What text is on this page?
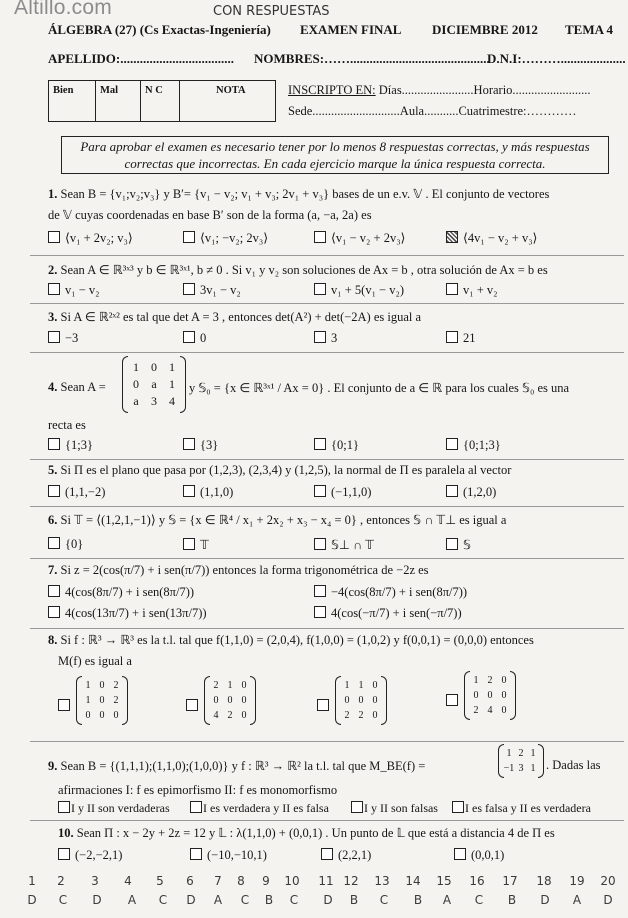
Altillo.com	CON RESPUESTAS
ÁLGEBRA (27) (Cs Exactas-Ingeniería) EXAMEN FINAL DICIEMBRE 2012 TEMA 4
APELLIDO:................................... NOMBRES:……...........................................
D.N.I:………....................
Bien	Mal	N C	NOTA	INSCRIPTO EN: Días.......................Horario.........................
Sede............................Aula...........Cuatrimestre:…………
Para aprobar el examen es necesario tener por lo menos 8 respuestas correctas, y más respuestas
correctas que incorrectas. En cada ejercicio marque la única respuesta correcta.
1. Sean B = {v₁;v₂;v₃} y B′= {v₁ − v₂; v₁ + v₃; 2v₁ + v₃} bases de un e.v. 𝕍 . El conjunto de vectores
de 𝕍 cuyas coordenadas en base B′ son de la forma (a, −a, 2a) es
⟨v₁ + 2v₂; v₃⟩	⟨v₁; −v₂; 2v₃⟩	⟨v₁ − v₂ + 2v₃⟩	⟨4v₁ − v₂ + v₃⟩
2. Sean A ∈ ℝ³ˣ³ y b ∈ ℝ³ˣ¹, b ≠ 0 . Si v₁ y v₂ son soluciones de Ax = b , otra solución de Ax = b es
v₁ − v₂	3v₁ − v₂	v₁ + 5(v₁ − v₂)	v₁ + v₂
3. Si A ∈ ℝ²ˣ² es tal que det A = 3 , entonces det(A²) + det(−2A) es igual a
−3	0	3	21
4. Sean A =
1	0	1
0	a	1
a	3	4
y 𝕊₀ = {x ∈ ℝ³ˣ¹ / Ax = 0} . El conjunto de a ∈ ℝ para los cuales 𝕊₀ es una
recta es
{1;3}	{3}	{0;1}	{0;1;3}
5. Si Π es el plano que pasa por (1,2,3), (2,3,4) y (1,2,5), la normal de Π es paralela al vector
(1,1,−2)	(1,1,0)	(−1,1,0)	(1,2,0)
6. Si 𝕋 = ⟨(1,2,1,−1)⟩ y 𝕊 = {x ∈ ℝ⁴ / x₁ + 2x₂ + x₃ − x₄ = 0} , entonces 𝕊 ∩ 𝕋⊥ es igual a
{0}	𝕋	𝕊⊥ ∩ 𝕋	𝕊
7. Si z = 2(cos(π/7) + i sen(π/7)) entonces la forma trigonométrica de −2z es
4(cos(8π/7) + i sen(8π/7))	−4(cos(8π/7) + i sen(8π/7))
4(cos(13π/7) + i sen(13π/7))	4(cos(−π/7) + i sen(−π/7))
8. Si f : ℝ³ → ℝ³ es la t.l. tal que f(1,1,0) = (2,0,4), f(1,0,0) = (1,0,2) y f(0,0,1) = (0,0,0) entonces
M(f) es igual a
1 0 2
1 0 2
0 0 0
2 1 0
0 0 0
4 2 0
1 1 0
0 0 0
2 2 0
1 2 0
0 0 0
2 4 0
9. Sean B = {(1,1,1);(1,1,0);(1,0,0)} y f : ℝ³ → ℝ² la t.l. tal que M_BE(f) =
1 2 1
−1 3 1 . Dadas las
afirmaciones I: f es epimorfismo II: f es monomorfismo
I y II son verdaderas	I es verdadera y II es falsa	I y II son falsas	I es falsa y II es verdadera
10. Sean Π : x − 2y + 2z = 12 y 𝕃 : λ(1,1,0) + (0,0,1) . Un punto de 𝕃 que está a distancia 4 de Π es
(−2,−2,1)	(−10,−10,1)	(2,2,1)	(0,0,1)
1	2	3	4	5	6	7	8	9	10 11 12 13 14 15 16 17 18 19 20
D	C	D	A	C	D	A	C	B	C	D	B	C	B	A	C	B	D	A	D
